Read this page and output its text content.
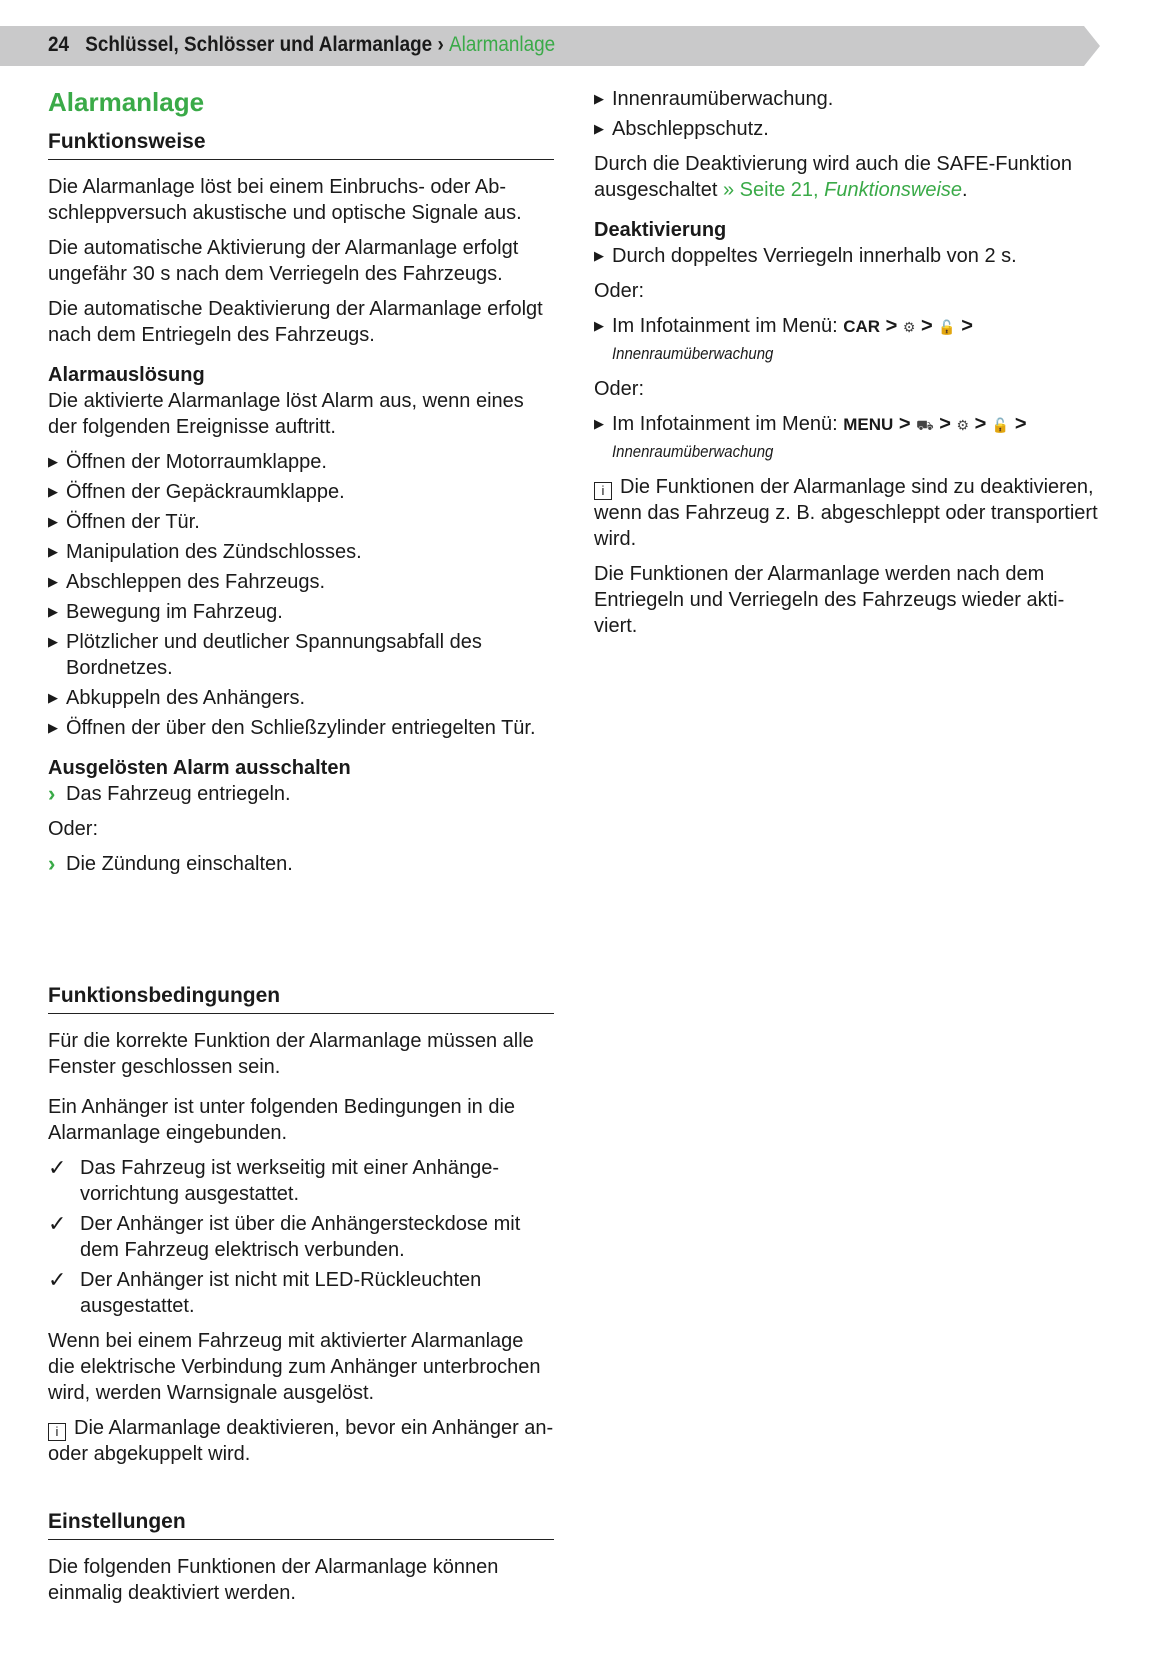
24 Schlüssel, Schlösser und Alarmanlage › Alarmanlage
Alarmanlage
Funktionsweise

Die Alarmanlage löst bei einem Einbruchs- oder Abschleppversuch akustische und optische Signale aus.

Die automatische Aktivierung der Alarmanlage erfolgt ungefähr 30 s nach dem Verriegeln des Fahrzeugs.

Die automatische Deaktivierung der Alarmanlage erfolgt nach dem Entriegeln des Fahrzeugs.

Alarmauslösung

Die aktivierte Alarmanlage löst Alarm aus, wenn eines der folgenden Ereignisse auftritt.

▶ Öffnen der Motorraumklappe.
▶ Öffnen der Gepäckraumklappe.
▶ Öffnen der Tür.
▶ Manipulation des Zündschlosses.
▶ Abschleppen des Fahrzeugs.
▶ Bewegung im Fahrzeug.
▶ Plötzlicher und deutlicher Spannungsabfall des Bordnetzes.
▶ Abkuppeln des Anhängers.
▶ Öffnen der über den Schließzylinder entriegelten Tür.
Ausgelösten Alarm ausschalten
› Das Fahrzeug entriegeln.

Oder:

› Die Zündung einschalten.
Funktionsbedingungen

Für die korrekte Funktion der Alarmanlage müssen alle Fenster geschlossen sein.

Ein Anhänger ist unter folgenden Bedingungen in die Alarmanlage eingebunden.

✓ Das Fahrzeug ist werkseitig mit einer Anhängevorrichtung ausgestattet.
✓ Der Anhänger ist über die Anhängersteckdose mit dem Fahrzeug elektrisch verbunden.
✓ Der Anhänger ist nicht mit LED-Rückleuchten ausgestattet.

Wenn bei einem Fahrzeug mit aktivierter Alarmanlage die elektrische Verbindung zum Anhänger unterbrochen wird, werden Warnsignale ausgelöst.

i Die Alarmanlage deaktivieren, bevor ein Anhänger an- oder abgekuppelt wird.

Einstellungen

Die folgenden Funktionen der Alarmanlage können einmalig deaktiviert werden.

▶ Innenraumüberwachung.
▶ Abschleppschutz.

Durch die Deaktivierung wird auch die SAFE-Funktion ausgeschaltet » Seite 21, Funktionsweise.

Deaktivierung
▶ Durch doppeltes Verriegeln innerhalb von 2 s.

Oder:

▶ Im Infotainment im Menü: CAR > ⚙ > 🔓 > Innenraumüberwachung

Oder:

▶ Im Infotainment im Menü: MENU > ⛟ > ⚙ > 🔓 > Innenraumüberwachung

i Die Funktionen der Alarmanlage sind zu deaktivieren, wenn das Fahrzeug z. B. abgeschleppt oder transportiert wird.

Die Funktionen der Alarmanlage werden nach dem Entriegeln und Verriegeln des Fahrzeugs wieder aktiviert.
